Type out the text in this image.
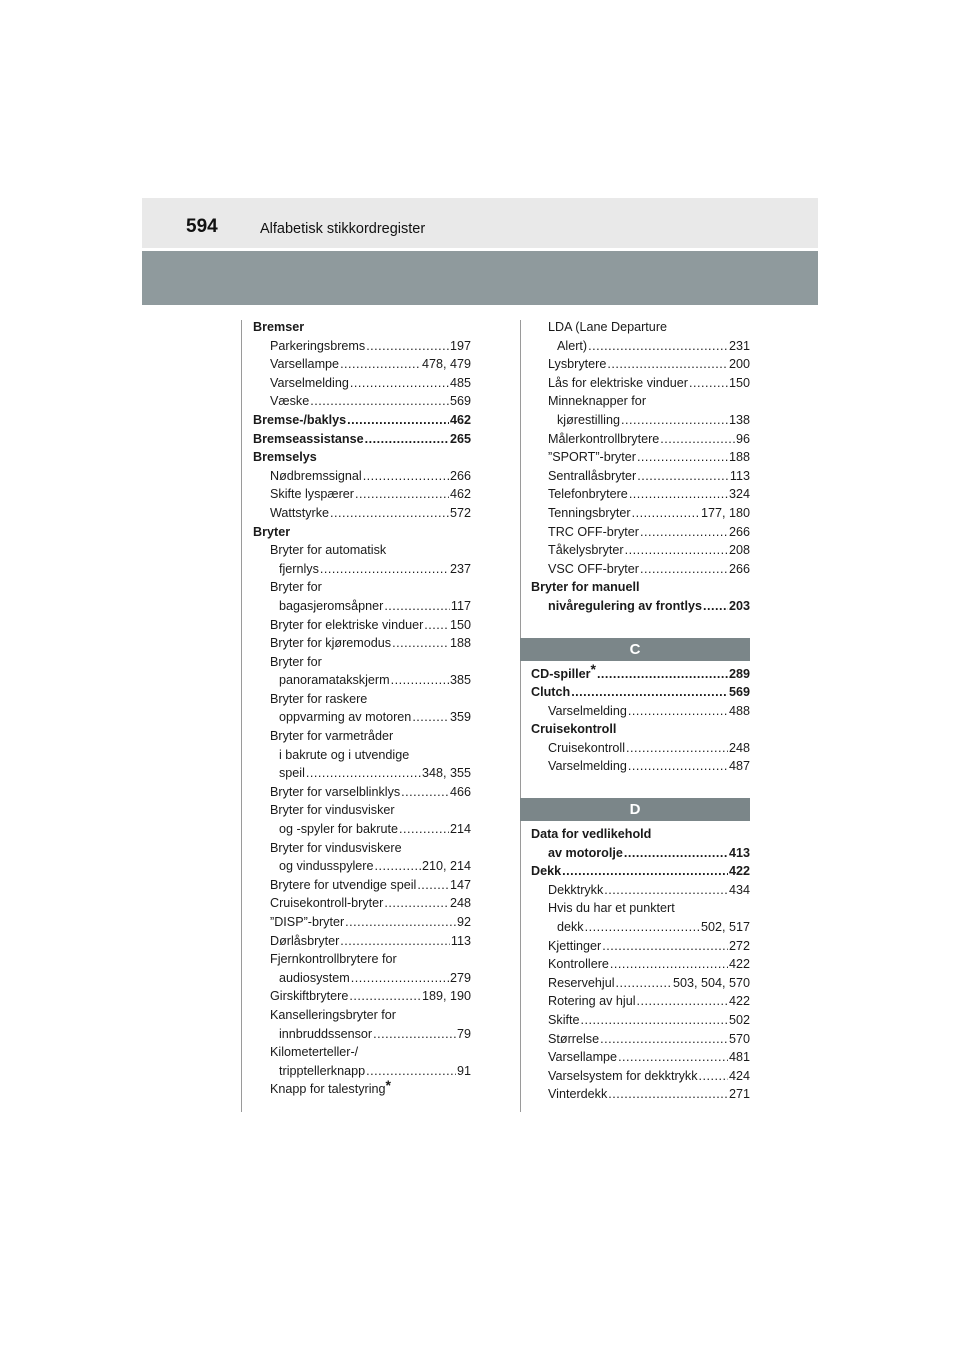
594	Alfabetisk stikkordregister
Bremser
Parkeringsbrems .....	197
Varsellampe .....	478, 479
Varselmelding .....	485
Væske .....	569
Bremse-/baklys .....	462
Bremseassistanse .....	265
Bremselys
Nødbremssignal .....	266
Skifte lyspærer .....	462
Wattstyrke .....	572
Bryter
Bryter for automatisk
fjernlys .....	237
Bryter for
bagasjeromsåpner .....	117
Bryter for elektriske vinduer ..... 150
Bryter for kjøremodus .....	188
Bryter for
panoramatakskjerm .....	385
Bryter for raskere
oppvarming av motoren .....	359
Bryter for varmetråder
i bakrute og i utvendige
speil .....	348, 355
Bryter for varselblinklys .....	466
Bryter for vindusvisker
og -spyler for bakrute .....	214
Bryter for vindusviskere
og vindusspylere .....	210, 214
Brytere for utvendige speil .....	147
Cruisekontroll-bryter .....	248
”DISP”-bryter .....	92
Dørlåsbryter .....	113
Fjernkontrollbrytere for
audiosystem .....	279
Girskiftbrytere .....	189, 190
Kanselleringsbryter for
innbruddssensor .....	79
Kilometerteller-/
tripptellerknapp .....	91
Knapp for talestyring*
LDA (Lane Departure
Alert) .....	231
Lysbrytere .....	200
Lås for elektriske vinduer .....	150
Minneknapper for
kjørestilling .....	138
Målerkontrollbrytere .....	96
”SPORT”-bryter .....	188
Sentrallåsbryter .....	113
Telefonbrytere .....	324
Tenningsbryter .....	177, 180
TRC OFF-bryter .....	266
Tåkelysbryter .....	208
VSC OFF-bryter .....	266
Bryter for manuell
nivåregulering av frontlys ..... 203
C
CD-spiller* .....	289
Clutch .....	569
Varselmelding .....	488
Cruisekontroll
Cruisekontroll .....	248
Varselmelding .....	487
D
Data for vedlikehold
av motorolje .....	413
Dekk .....	422
Dekktrykk .....	434
Hvis du har et punktert
dekk .....	502, 517
Kjettinger .....	272
Kontrollere .....	422
Reservehjul .....	503, 504, 570
Rotering av hjul .....	422
Skifte .....	502
Størrelse .....	570
Varsellampe .....	481
Varselsystem for dekktrykk ..... 424
Vinterdekk .....	271
